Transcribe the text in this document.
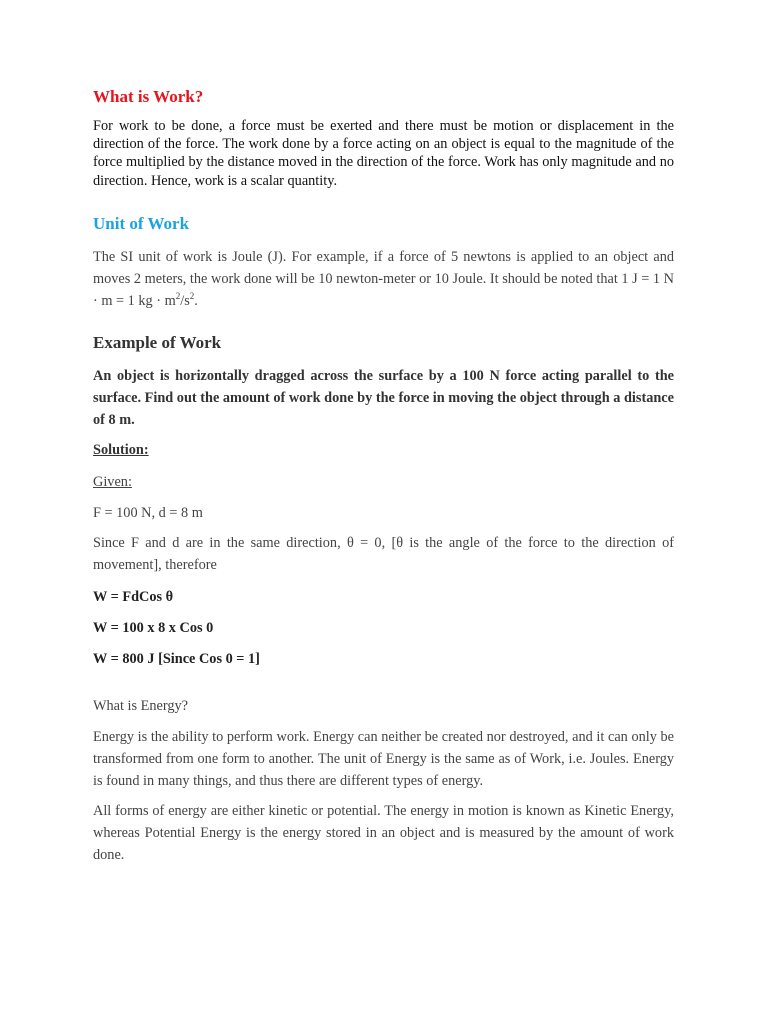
What is Work?

For work to be done, a force must be exerted and there must be motion or displacement in the direction of the force. The work done by a force acting on an object is equal to the magnitude of the force multiplied by the distance moved in the direction of the force. Work has only magnitude and no direction. Hence, work is a scalar quantity.

Unit of Work

The SI unit of work is Joule (J). For example, if a force of 5 newtons is applied to an object and moves 2 meters, the work done will be 10 newton-meter or 10 Joule. It should be noted that 1 J = 1 N · m = 1 kg · $m^2/s^2$.

Example of Work

An object is horizontally dragged across the surface by a 100 N force acting parallel to the surface. Find out the amount of work done by the force in moving the object through a distance of 8 m.

Solution:

Given:

F = 100 N, d = 8 m

Since F and d are in the same direction, θ = 0, [θ is the angle of the force to the direction of movement], therefore

W = FdCos θ

W = 100 x 8 x Cos 0

W = 800 J [Since Cos 0 = 1]

What is Energy?

Energy is the ability to perform work. Energy can neither be created nor destroyed, and it can only be transformed from one form to another. The unit of Energy is the same as of Work, i.e. Joules. Energy is found in many things, and thus there are different types of energy.

All forms of energy are either kinetic or potential. The energy in motion is known as Kinetic Energy, whereas Potential Energy is the energy stored in an object and is measured by the amount of work done.
